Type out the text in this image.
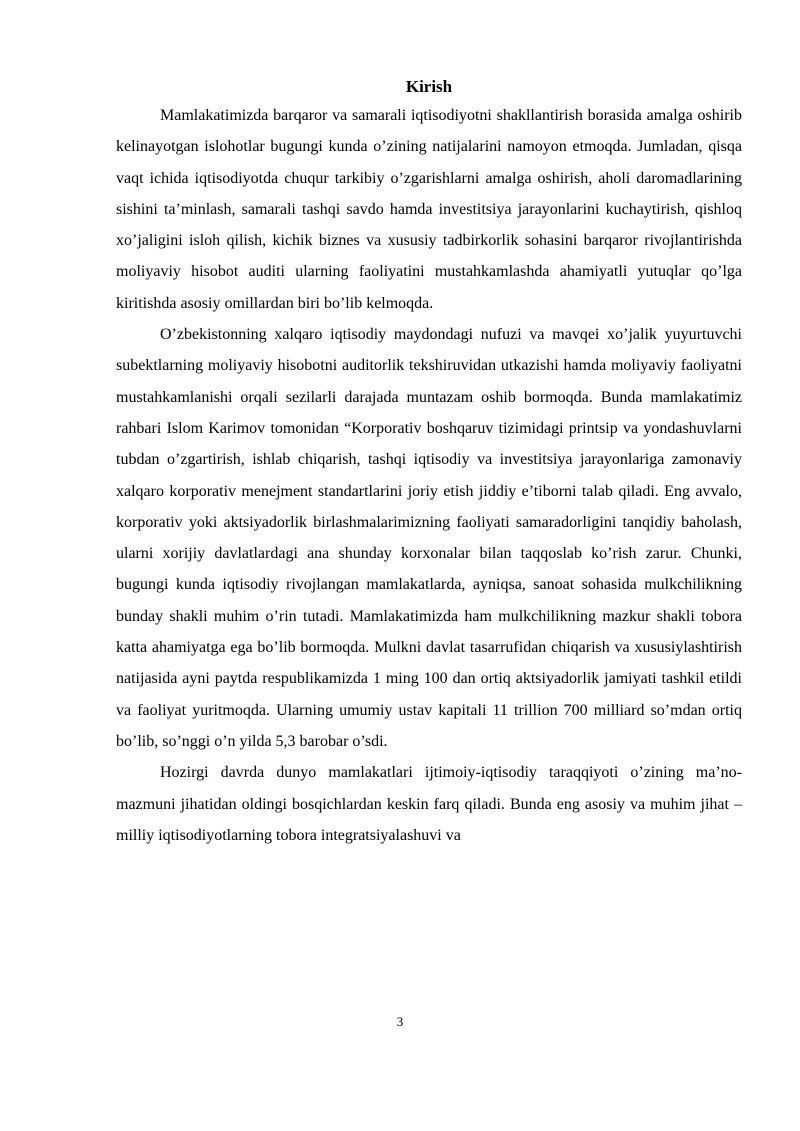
Kirish

Mamlakatimizda barqaror va samarali iqtisodiyotni shakllantirish borasida amalga oshirib kelinayotgan islohotlar bugungi kunda o’zining natijalarini namoyon etmoqda. Jumladan, qisqa vaqt ichida iqtisodiyotda chuqur tarkibiy o’zgarishlarni amalga oshirish, aholi daromadlarining sishini ta’minlash, samarali tashqi savdo hamda investitsiya jarayonlarini kuchaytirish, qishloq xo’jaligini isloh qilish, kichik biznes va xususiy tadbirkorlik sohasini barqaror rivojlantirishda moliyaviy hisobot auditi ularning faoliyatini mustahkamlashda ahamiyatli yutuqlar qo’lga kiritishda asosiy omillardan biri bo’lib kelmoqda.

O’zbekistonning xalqaro iqtisodiy maydondagi nufuzi va mavqei xo’jalik yuyurtuvchi subektlarning moliyaviy hisobotni auditorlik tekshiruvidan utkazishi hamda moliyaviy faoliyatni mustahkamlanishi orqali sezilarli darajada muntazam oshib bormoqda. Bunda mamlakatimiz rahbari Islom Karimov tomonidan “Korporativ boshqaruv tizimidagi printsip va yondashuvlarni tubdan o’zgartirish, ishlab chiqarish, tashqi iqtisodiy va investitsiya jarayonlariga zamonaviy xalqaro korporativ menejment standartlarini joriy etish jiddiy e’tiborni talab qiladi. Eng avvalo, korporativ yoki aktsiyadorlik birlashmalarimizning faoliyati samaradorligini tanqidiy baholash, ularni xorijiy davlatlardagi ana shunday korxonalar bilan taqqoslab ko’rish zarur. Chunki, bugungi kunda iqtisodiy rivojlangan mamlakatlarda, ayniqsa, sanoat sohasida mulkchilikning bunday shakli muhim o’rin tutadi. Mamlakatimizda ham mulkchilikning mazkur shakli tobora katta ahamiyatga ega bo’lib bormoqda. Mulkni davlat tasarrufidan chiqarish va xususiylashtirish natijasida ayni paytda respublikamizda 1 ming 100 dan ortiq aktsiyadorlik jamiyati tashkil etildi va faoliyat yuritmoqda. Ularning umumiy ustav kapitali 11 trillion 700 milliard so’mdan ortiq bo’lib, so’nggi o’n yilda 5,3 barobar o’sdi.

Hozirgi davrda dunyo mamlakatlari ijtimoiy-iqtisodiy taraqqiyoti o’zining ma’no-mazmuni jihatidan oldingi bosqichlardan keskin farq qiladi. Bunda eng asosiy va muhim jihat – milliy iqtisodiyotlarning tobora integratsiyalashuvi va

3
